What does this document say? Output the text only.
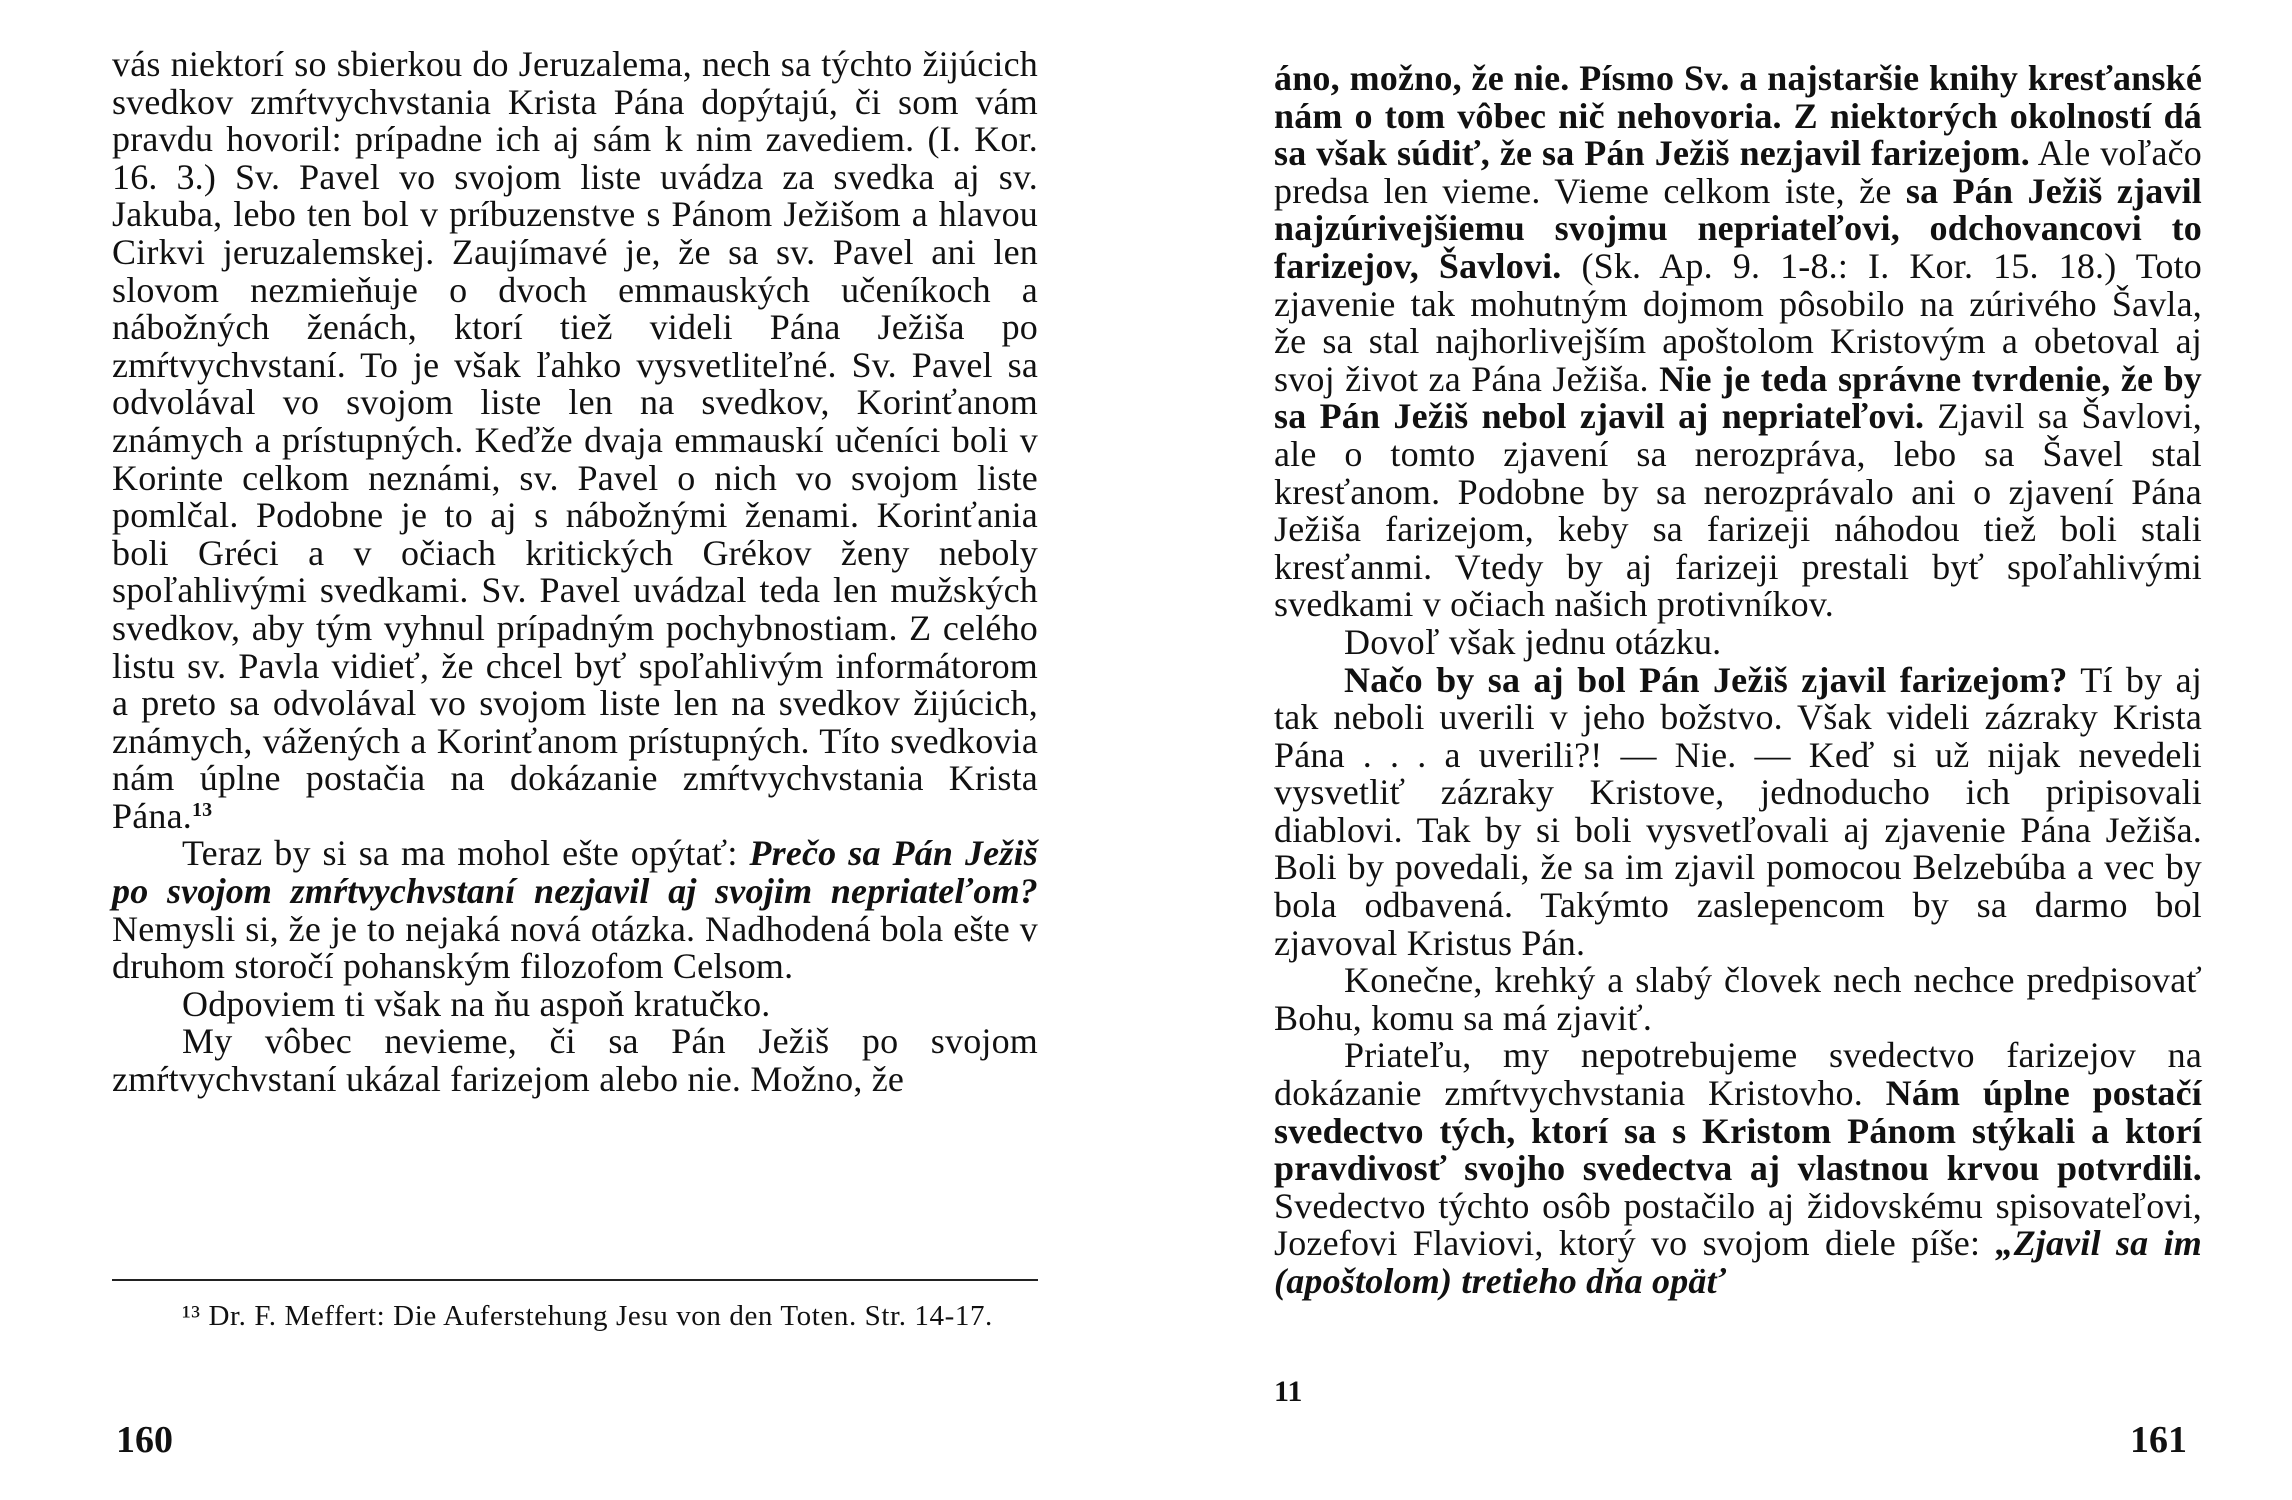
vás niektorí so sbierkou do Jeruzalema, nech sa týchto žijúcich svedkov zmŕtvychvstania Krista Pána dopýtajú, či som vám pravdu hovoril: prípadne ich aj sám k nim zavediem. (I. Kor. 16. 3.) Sv. Pavel vo svojom liste uvádza za svedka aj sv. Jakuba, lebo ten bol v príbuzenstve s Pánom Ježišom a hlavou Cirkvi jeruzalemskej. Zaujímavé je, že sa sv. Pavel ani len slovom nezmieňuje o dvoch emmauských učeníkoch a nábožných ženách, ktorí tiež videli Pána Ježiša po zmŕtvychvstaní. To je však ľahko vysvetliteľné. Sv. Pavel sa odvolával vo svojom liste len na svedkov, Korinťanom známych a prístupných. Keďže dvaja emmauskí učeníci boli v Korinte celkom neznámi, sv. Pavel o nich vo svojom liste pomlčal. Podobne je to aj s nábožnými ženami. Korinťania boli Gréci a v očiach kritických Grékov ženy neboly spoľahlivými svedkami. Sv. Pavel uvádzal teda len mužských svedkov, aby tým vyhnul prípadným pochybnostiam. Z celého listu sv. Pavla vidieť, že chcel byť spoľahlivým informátorom a preto sa odvolával vo svojom liste len na svedkov žijúcich, známych, vážených a Korinťanom prístupných. Títo svedkovia nám úplne postačia na dokázanie zmŕtvychvstania Krista Pána.$^{13}$

Teraz by si sa ma mohol ešte opýtať: Prečo sa Pán Ježiš po svojom zmŕtvychvstaní nezjavil aj svojim nepriateľom? Nemysli si, že je to nejaká nová otázka. Nadhodená bola ešte v druhom storočí pohanským filozofom Celsom.

Odpoviem ti však na ňu aspoň kratučko.

My vôbec nevieme, či sa Pán Ježiš po svojom zmŕtvychvstaní ukázal farizejom alebo nie. Možno, že

¹³ Dr. F. Meffert: Die Auferstehung Jesu von den Toten. Str. 14-17.
160

áno, možno, že nie. Písmo Sv. a najstaršie knihy kresťanské nám o tom vôbec nič nehovoria. Z niektorých okolností dá sa však súdiť, že sa Pán Ježiš nezjavil farizejom. Ale voľačo predsa len vieme. Vieme celkom iste, že sa Pán Ježiš zjavil najzúrivejšiemu svojmu nepriateľovi, odchovancovi to farizejov, Šavlovi. (Sk. Ap. 9. 1-8.: I. Kor. 15. 18.) Toto zjavenie tak mohutným dojmom pôsobilo na zúrivého Šavla, že sa stal najhorlivejším apoštolom Kristovým a obetoval aj svoj život za Pána Ježiša. Nie je teda správne tvrdenie, že by sa Pán Ježiš nebol zjavil aj nepriateľovi. Zjavil sa Šavlovi, ale o tomto zjavení sa nerozpráva, lebo sa Šavel stal kresťanom. Podobne by sa nerozprávalo ani o zjavení Pána Ježiša farizejom, keby sa farizeji náhodou tiež boli stali kresťanmi. Vtedy by aj farizeji prestali byť spoľahlivými svedkami v očiach našich protivníkov.

Dovoľ však jednu otázku.

Načo by sa aj bol Pán Ježiš zjavil farizejom? Tí by aj tak neboli uverili v jeho božstvo. Však videli zázraky Krista Pána . . . a uverili?! — Nie. — Keď si už nijak nevedeli vysvetliť zázraky Kristove, jednoducho ich pripisovali diablovi. Tak by si boli vysvetľovali aj zjavenie Pána Ježiša. Boli by povedali, že sa im zjavil pomocou Belzebúba a vec by bola odbavená. Takýmto zaslepencom by sa darmo bol zjavoval Kristus Pán.

Konečne, krehký a slabý človek nech nechce predpisovať Bohu, komu sa má zjaviť.

Priateľu, my nepotrebujeme svedectvo farizejov na dokázanie zmŕtvychvstania Kristovho. Nám úplne postačí svedectvo tých, ktorí sa s Kristom Pánom stýkali a ktorí pravdivosť svojho svedectva aj vlastnou krvou potvrdili. Svedectvo týchto osôb postačilo aj židovskému spisovateľovi, Jozefovi Flaviovi, ktorý vo svojom diele píše: „Zjavil sa im (apoštolom) tretieho dňa opäť

11
161
